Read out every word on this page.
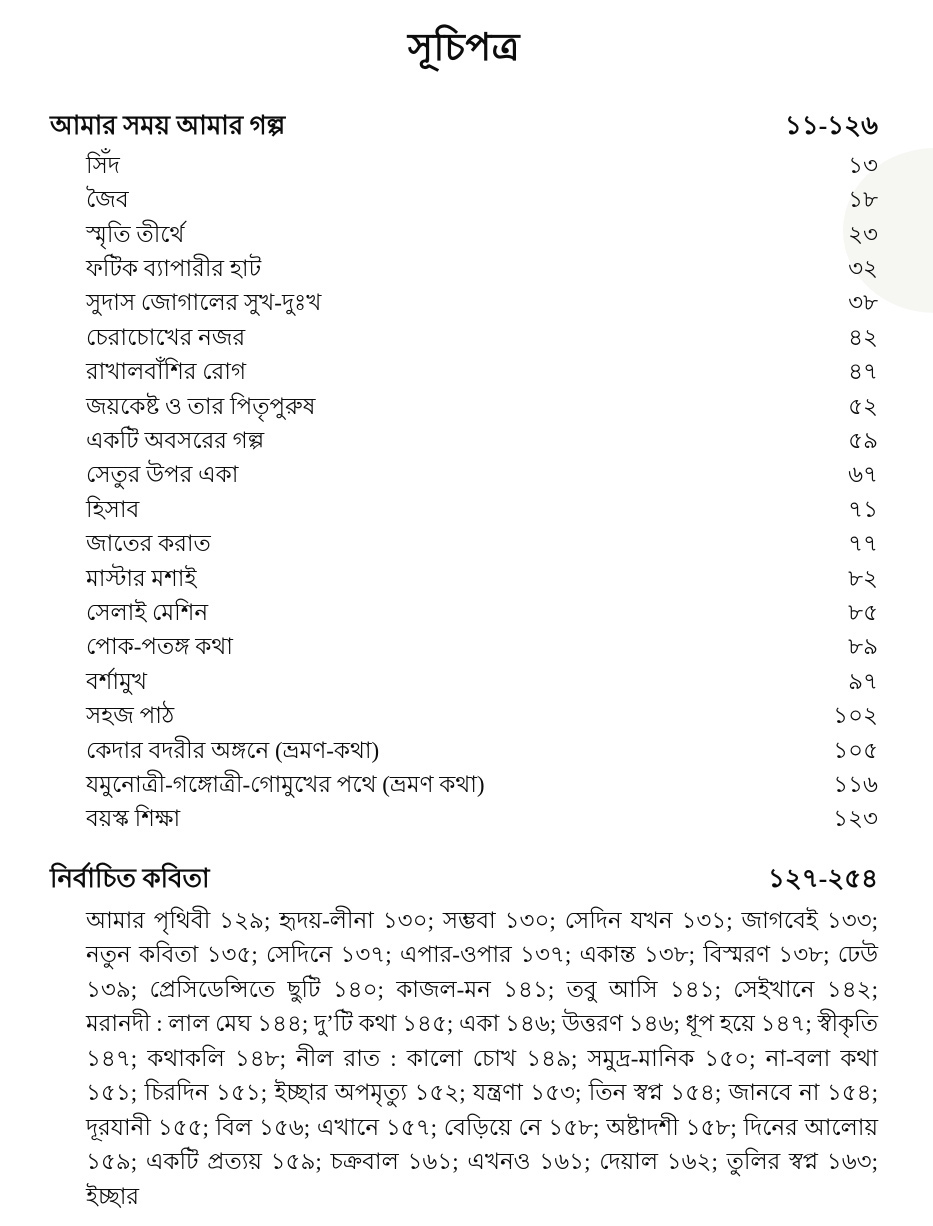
সূচিপত্র
আমার সময় আমার গল্প	১১-১২৬
সিঁদ	১৩
জৈব	১৮
স্মৃতি তীর্থে	২৩
ফটিক ব্যাপারীর হাট	৩২
সুদাস জোগালের সুখ-দুঃখ	৩৮
চেরাচোখের নজর	৪২
রাখালবাঁশির রোগ	৪৭
জয়কেষ্ট ও তার পিতৃপুরুষ	৫২
একটি অবসরের গল্প	৫৯
সেতুর উপর একা	৬৭
হিসাব	৭১
জাতের করাত	৭৭
মাস্টার মশাই	৮২
সেলাই মেশিন	৮৫
পোক-পতঙ্গ কথা	৮৯
বর্শামুখ	৯৭
সহজ পাঠ	১০২
কেদার বদরীর অঙ্গনে (ভ্রমণ-কথা)	১০৫
যমুনোত্রী-গঙ্গোত্রী-গোমুখের পথে (ভ্রমণ কথা)	১১৬
বয়স্ক শিক্ষা	১২৩
নির্বাচিত কবিতা	১২৭-২৫৪

আমার পৃথিবী ১২৯; হৃদয়-লীনা ১৩০; সম্ভবা ১৩০; সেদিন যখন ১৩১; জাগবেই ১৩৩; নতুন কবিতা ১৩৫; সেদিনে ১৩৭; এপার-ওপার ১৩৭; একান্ত ১৩৮; বিস্মরণ ১৩৮; ঢেউ ১৩৯; প্রেসিডেন্সিতে ছুটি ১৪০; কাজল-মন ১৪১; তবু আসি ১৪১; সেইখানে ১৪২; মরানদী : লাল মেঘ ১৪৪; দু’টি কথা ১৪৫; একা ১৪৬; উত্তরণ ১৪৬; ধূপ হয়ে ১৪৭; স্বীকৃতি ১৪৭; কথাকলি ১৪৮; নীল রাত : কালো চোখ ১৪৯; সমুদ্র-মানিক ১৫০; না-বলা কথা ১৫১; চিরদিন ১৫১; ইচ্ছার অপমৃত্যু ১৫২; যন্ত্রণা ১৫৩; তিন স্বপ্ন ১৫৪; জানবে না ১৫৪; দূরযানী ১৫৫; বিল ১৫৬; এখানে ১৫৭; বেড়িয়ে নে ১৫৮; অষ্টাদশী ১৫৮; দিনের আলোয় ১৫৯; একটি প্রত্যয় ১৫৯; চক্রবাল ১৬১; এখনও ১৬১; দেয়াল ১৬২; তুলির স্বপ্ন ১৬৩; ইচ্ছার
